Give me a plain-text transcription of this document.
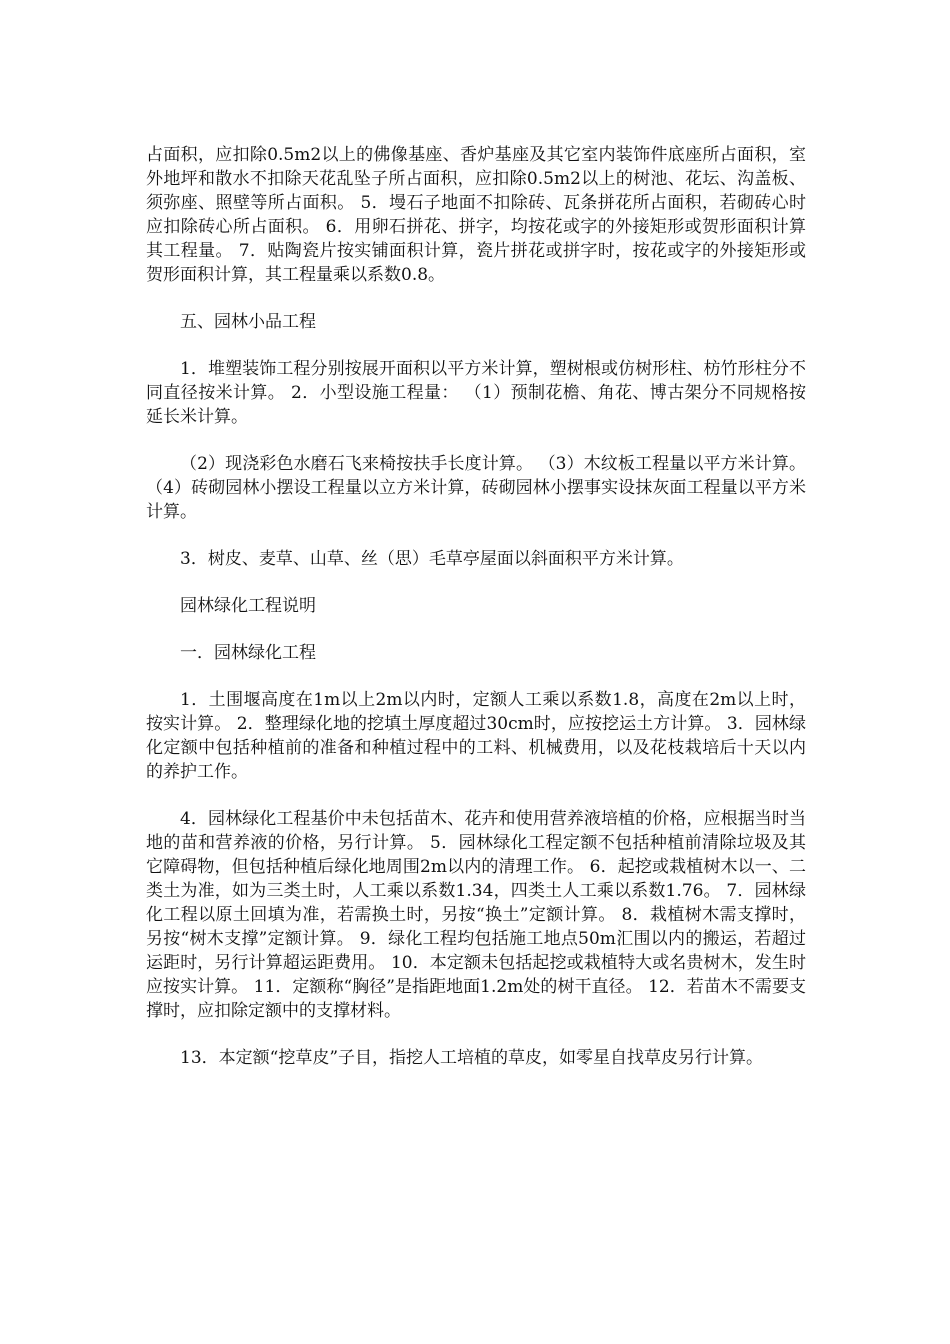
占面积，应扣除0.5m2以上的佛像基座、香炉基座及其它室内装饰件底座所占面积，室外地坪和散水不扣除天花乱坠子所占面积，应扣除0.5m2以上的树池、花坛、沟盖板、须弥座、照壁等所占面积。 5．墁石子地面不扣除砖、瓦条拼花所占面积，若砌砖心时应扣除砖心所占面积。 6．用卵石拼花、拼字，均按花或字的外接矩形或贺形面积计算其工程量。 7．贴陶瓷片按实铺面积计算，瓷片拼花或拼字时，按花或字的外接矩形或贺形面积计算，其工程量乘以系数0.8。

五、园林小品工程

1．堆塑装饰工程分别按展开面积以平方米计算，塑树根或仿树形柱、枋竹形柱分不同直径按米计算。 2．小型设施工程量： （1）预制花檐、角花、博古架分不同规格按延长米计算。

（2）现浇彩色水磨石飞来椅按扶手长度计算。 （3）木纹板工程量以平方米计算。 （4）砖砌园林小摆设工程量以立方米计算，砖砌园林小摆事实设抹灰面工程量以平方米计算。

3．树皮、麦草、山草、丝（思）毛草亭屋面以斜面积平方米计算。

园林绿化工程说明

一．园林绿化工程

1．土围堰高度在1m以上2m以内时，定额人工乘以系数1.8，高度在2m以上时，按实计算。 2．整理绿化地的挖填土厚度超过30cm时，应按挖运土方计算。 3．园林绿化定额中包括种植前的准备和种植过程中的工料、机械费用，以及花枝栽培后十天以内的养护工作。

4．园林绿化工程基价中未包括苗木、花卉和使用营养液培植的价格，应根据当时当地的苗和营养液的价格，另行计算。 5．园林绿化工程定额不包括种植前清除垃圾及其它障碍物，但包括种植后绿化地周围2m以内的清理工作。 6．起挖或栽植树木以一、二类土为准，如为三类土时，人工乘以系数1.34，四类土人工乘以系数1.76。 7．园林绿化工程以原土回填为准，若需换土时，另按“换土”定额计算。 8．栽植树木需支撑时，另按“树木支撑”定额计算。 9．绿化工程均包括施工地点50m汇围以内的搬运，若超过运距时，另行计算超运距费用。 10．本定额未包括起挖或栽植特大或名贵树木，发生时应按实计算。 11．定额称“胸径”是指距地面1.2m处的树干直径。 12．若苗木不需要支撑时，应扣除定额中的支撑材料。

13．本定额“挖草皮”子目，指挖人工培植的草皮，如零星自找草皮另行计算。
